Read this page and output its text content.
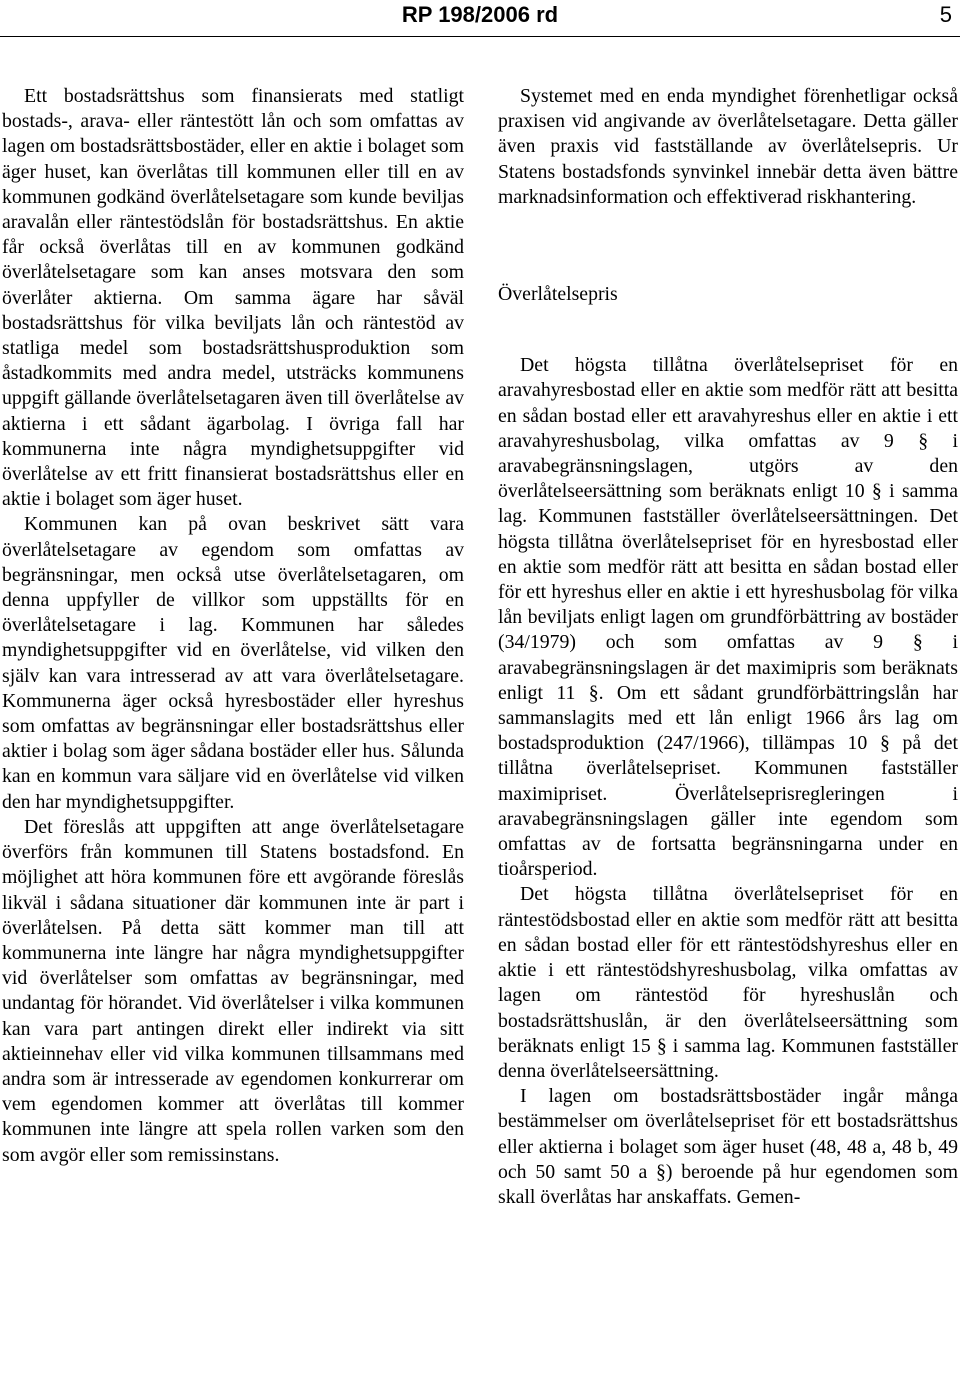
RP 198/2006 rd	5

Ett bostadsrättshus som finansierats med statligt bostads-, arava- eller räntestött lån och som omfattas av lagen om bostadsrättsbostäder, eller en aktie i bolaget som äger huset, kan överlåtas till kommunen eller till en av kommunen godkänd överlåtelsetagare som kunde beviljas aravalån eller räntestödslån för bostadsrättshus. En aktie får också överlåtas till en av kommunen godkänd överlåtelsetagare som kan anses motsvara den som överlåter aktierna. Om samma ägare har såväl bostadsrättshus för vilka beviljats lån och räntestöd av statliga medel som bostadsrättshusproduktion som åstadkommits med andra medel, utsträcks kommunens uppgift gällande överlåtelsetagaren även till överlåtelse av aktierna i ett sådant ägarbolag. I övriga fall har kommunerna inte några myndighetsuppgifter vid överlåtelse av ett fritt finansierat bostadsrättshus eller en aktie i bolaget som äger huset.

Kommunen kan på ovan beskrivet sätt vara överlåtelsetagare av egendom som omfattas av begränsningar, men också utse överlåtelsetagaren, om denna uppfyller de villkor som uppställts för en överlåtelsetagare i lag. Kommunen har således myndighetsuppgifter vid en överlåtelse, vid vilken den själv kan vara intresserad av att vara överlåtelsetagare. Kommunerna äger också hyresbostäder eller hyreshus som omfattas av begränsningar eller bostadsrättshus eller aktier i bolag som äger sådana bostäder eller hus. Sålunda kan en kommun vara säljare vid en överlåtelse vid vilken den har myndighetsuppgifter.

Det föreslås att uppgiften att ange överlåtelsetagare överförs från kommunen till Statens bostadsfond. En möjlighet att höra kommunen före ett avgörande föreslås likväl i sådana situationer där kommunen inte är part i överlåtelsen. På detta sätt kommer man till att kommunerna inte längre har några myndighetsuppgifter vid överlåtelser som omfattas av begränsningar, med undantag för hörandet. Vid överlåtelser i vilka kommunen kan vara part antingen direkt eller indirekt via sitt aktieinnehav eller vid vilka kommunen tillsammans med andra som är intresserade av egendomen konkurrerar om vem egendomen kommer att överlåtas till kommer kommunen inte längre att spela rollen varken som den som avgör eller som remissinstans.

Systemet med en enda myndighet förenhetligar också praxisen vid angivande av överlåtelsetagare. Detta gäller även praxis vid fastställande av överlåtelsepris. Ur Statens bostadsfonds synvinkel innebär detta även bättre marknadsinformation och effektiverad riskhantering.

Överlåtelsepris

Det högsta tillåtna överlåtelsepriset för en aravahyresbostad eller en aktie som medför rätt att besitta en sådan bostad eller ett aravahyreshus eller en aktie i ett aravahyreshusbolag, vilka omfattas av 9 § i aravabegränsningslagen, utgörs av den överlåtelseersättning som beräknats enligt 10 § i samma lag. Kommunen fastställer överlåtelseersättningen. Det högsta tillåtna överlåtelsepriset för en hyresbostad eller en aktie som medför rätt att besitta en sådan bostad eller för ett hyreshus eller en aktie i ett hyreshusbolag för vilka lån beviljats enligt lagen om grundförbättring av bostäder (34/1979) och som omfattas av 9 § i aravabegränsningslagen är det maximipris som beräknats enligt 11 §. Om ett sådant grundförbättringslån har sammanslagits med ett lån enligt 1966 års lag om bostadsproduktion (247/1966), tillämpas 10 § på det tillåtna överlåtelsepriset. Kommunen fastställer maximipriset. Överlåtelseprisregleringen i aravabegränsningslagen gäller inte egendom som omfattas av de fortsatta begränsningarna under en tioårsperiod.

Det högsta tillåtna överlåtelsepriset för en räntestödsbostad eller en aktie som medför rätt att besitta en sådan bostad eller för ett räntestödshyreshus eller en aktie i ett räntestödshyreshusbolag, vilka omfattas av lagen om räntestöd för hyreshuslån och bostadsrättshuslån, är den överlåtelseersättning som beräknats enligt 15 § i samma lag. Kommunen fastställer denna överlåtelseersättning.

I lagen om bostadsrättsbostäder ingår många bestämmelser om överlåtelsepriset för ett bostadsrättshus eller aktierna i bolaget som äger huset (48, 48 a, 48 b, 49 och 50 samt 50 a §) beroende på hur egendomen som skall överlåtas har anskaffats. Gemen-
